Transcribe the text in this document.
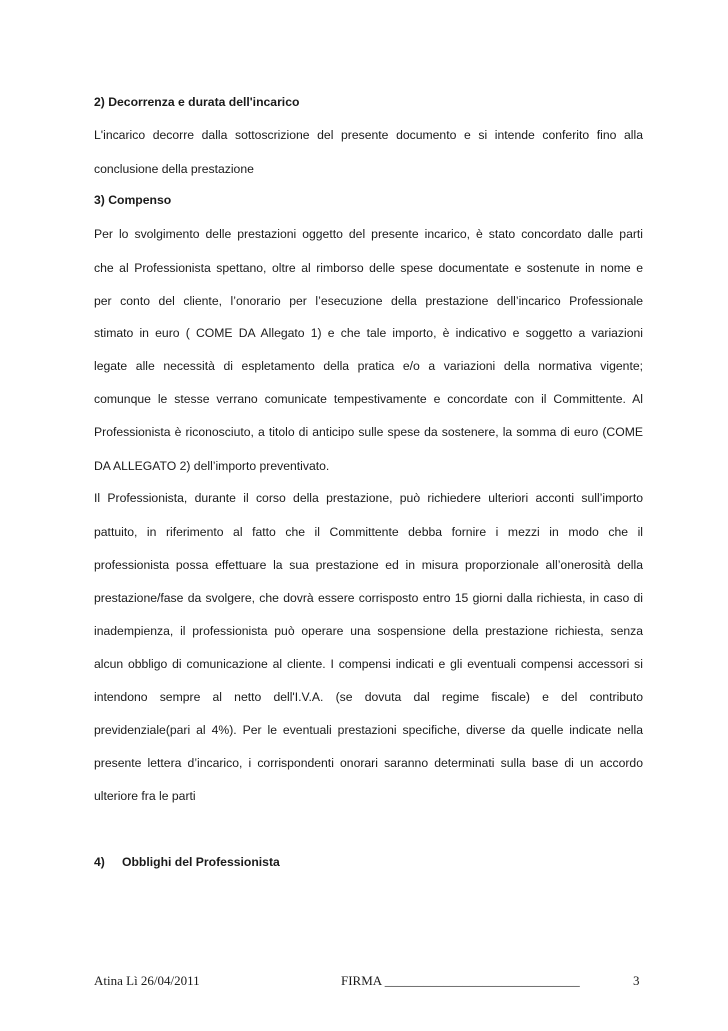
2) Decorrenza e durata dell'incarico
L'incarico decorre dalla sottoscrizione del presente documento e si intende conferito fino alla
conclusione della prestazione
3) Compenso
Per lo svolgimento delle prestazioni oggetto del presente incarico, è stato concordato dalle parti
che al Professionista spettano, oltre al rimborso delle spese documentate e sostenute in nome e
per conto del cliente, l’onorario per l’esecuzione della prestazione dell’incarico Professionale
stimato in euro ( COME DA Allegato 1) e che tale importo, è indicativo e soggetto a variazioni
legate alle necessità di espletamento della pratica e/o a variazioni della normativa vigente;
comunque le stesse verrano comunicate tempestivamente e concordate con il Committente. Al
Professionista è riconosciuto, a titolo di anticipo sulle spese da sostenere, la somma di euro (COME
DA ALLEGATO 2) dell’importo preventivato.
Il Professionista, durante il corso della prestazione, può richiedere ulteriori acconti sull’importo
pattuito, in riferimento al fatto che il Committente debba fornire i mezzi in modo che il
professionista possa effettuare la sua prestazione ed in misura proporzionale all’onerosità della
prestazione/fase da svolgere, che dovrà essere corrisposto entro 15 giorni dalla richiesta, in caso di
inadempienza, il professionista può operare una sospensione della prestazione richiesta, senza
alcun obbligo di comunicazione al cliente. I compensi indicati e gli eventuali compensi accessori si
intendono sempre al netto dell'I.V.A. (se dovuta dal regime fiscale) e del contributo
previdenziale(pari al 4%). Per le eventuali prestazioni specifiche, diverse da quelle indicate nella
presente lettera d’incarico, i corrispondenti onorari saranno determinati sulla base di un accordo
ulteriore fra le parti
4) Obblighi del Professionista
Atina Lì 26/04/2011	FIRMA ______________________________	3
